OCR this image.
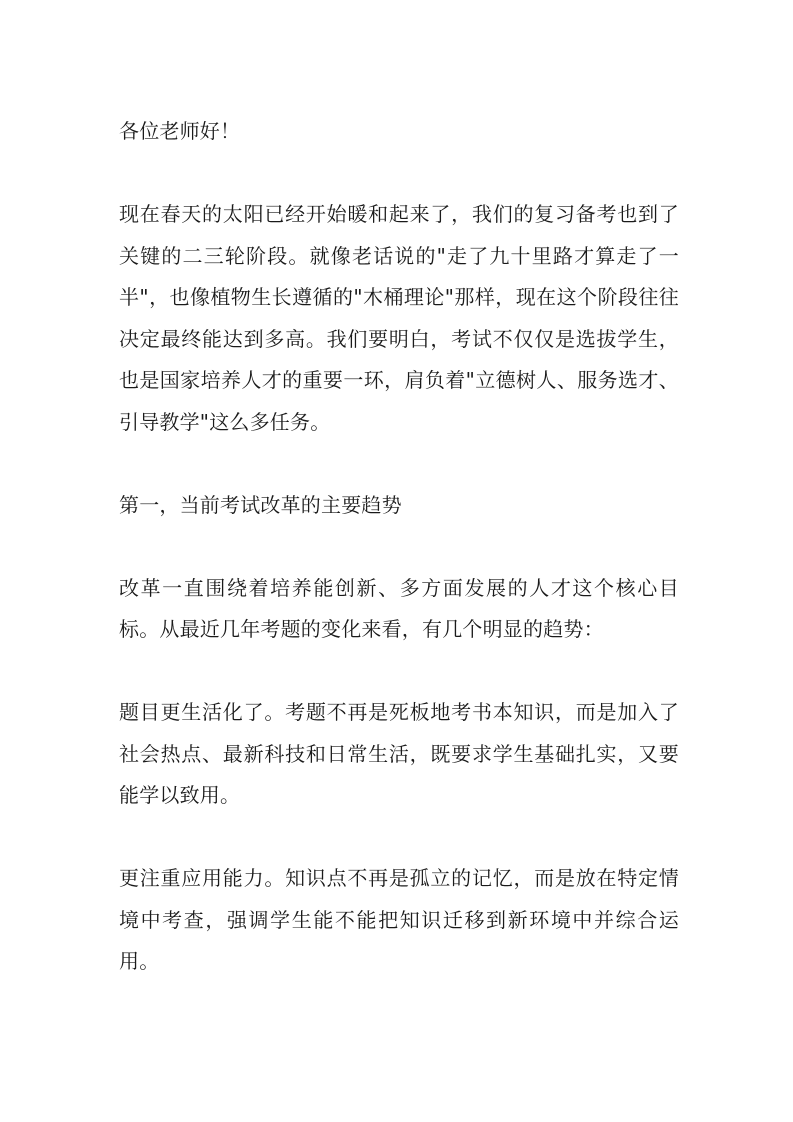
各位老师好！

现在春天的太阳已经开始暖和起来了，我们的复习备考也到了关键的二三轮阶段。就像老话说的"走了九十里路才算走了一半"，也像植物生长遵循的"木桶理论"那样，现在这个阶段往往决定最终能达到多高。我们要明白，考试不仅仅是选拔学生，也是国家培养人才的重要一环，肩负着"立德树人、服务选才、引导教学"这么多任务。

第一，当前考试改革的主要趋势

改革一直围绕着培养能创新、多方面发展的人才这个核心目标。从最近几年考题的变化来看，有几个明显的趋势：

题目更生活化了。考题不再是死板地考书本知识，而是加入了社会热点、最新科技和日常生活，既要求学生基础扎实，又要能学以致用。

更注重应用能力。知识点不再是孤立的记忆，而是放在特定情境中考查，强调学生能不能把知识迁移到新环境中并综合运用。
